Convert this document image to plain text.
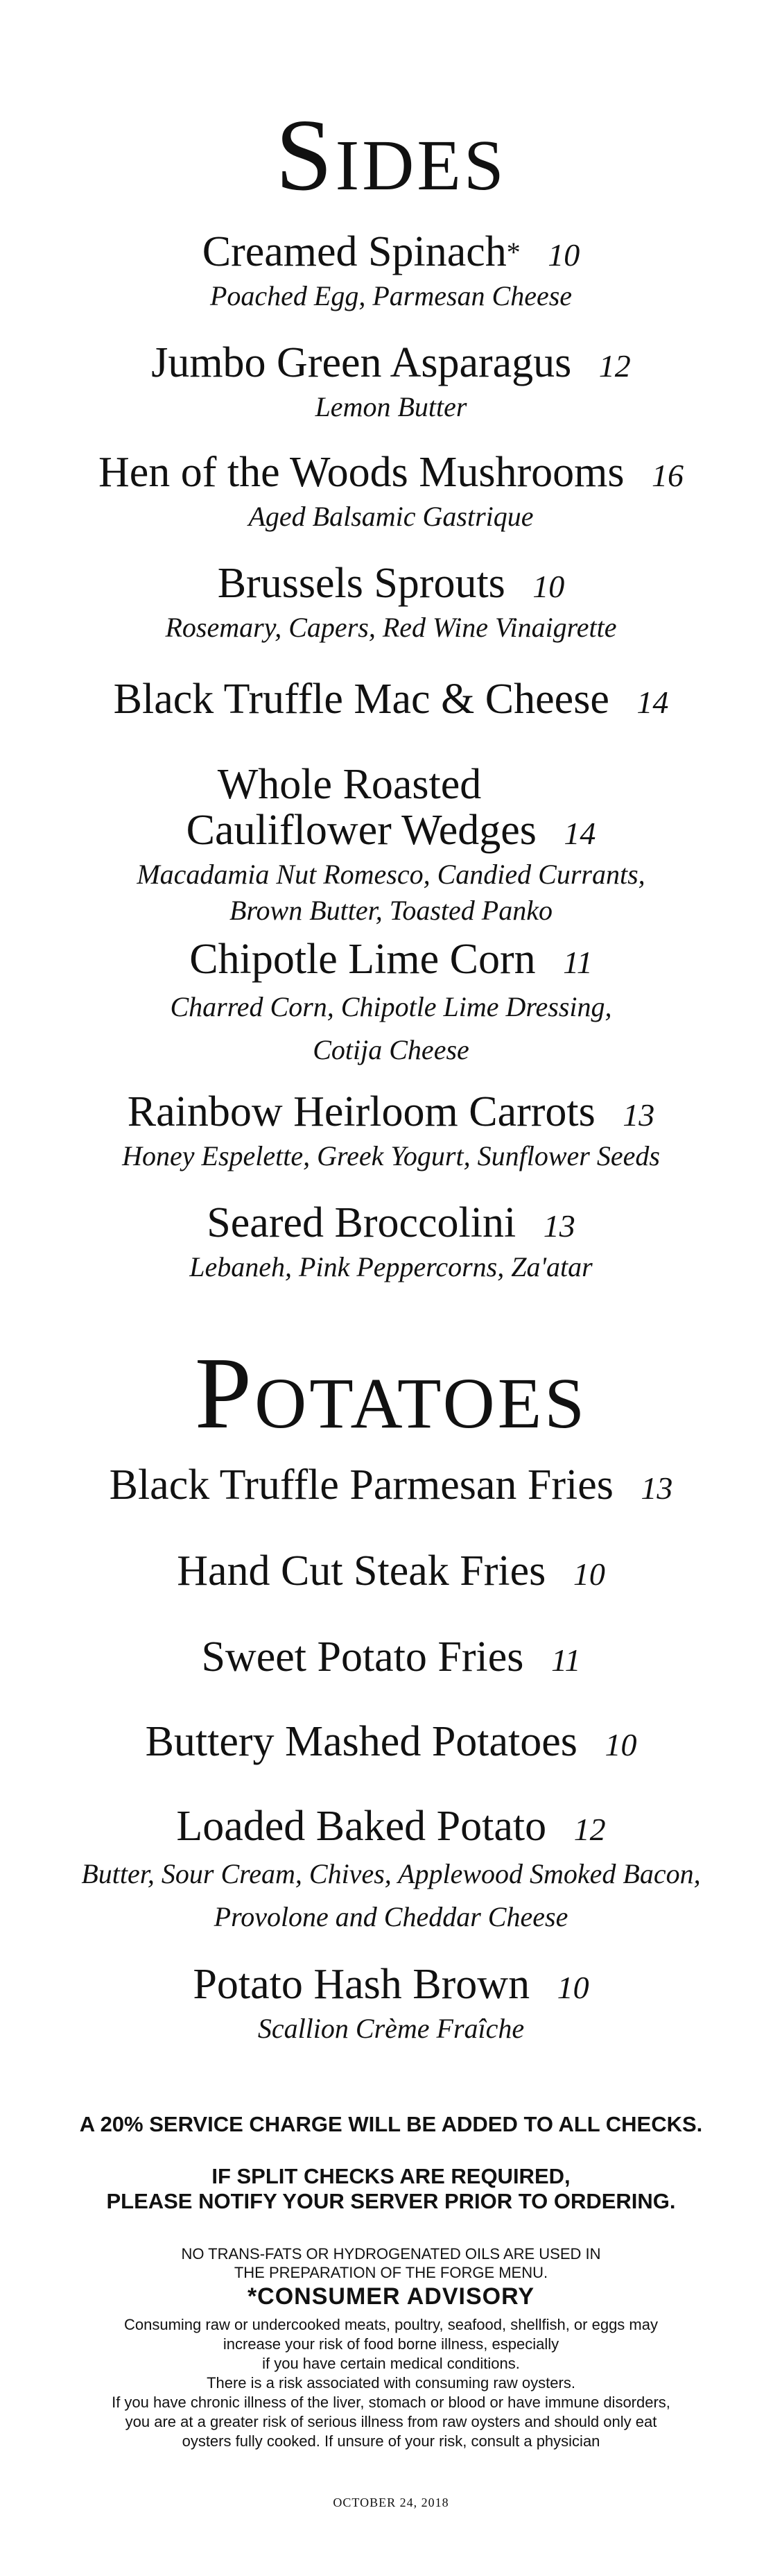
Sides
Creamed Spinach* 10
Poached Egg, Parmesan Cheese
Jumbo Green Asparagus 12
Lemon Butter
Hen of the Woods Mushrooms 16
Aged Balsamic Gastrique
Brussels Sprouts 10
Rosemary, Capers, Red Wine Vinaigrette
Black Truffle Mac & Cheese 14
Whole Roasted
Cauliflower Wedges 14
Macadamia Nut Romesco, Candied Currants,
Brown Butter, Toasted Panko
Chipotle Lime Corn 11
Charred Corn, Chipotle Lime Dressing,
Cotija Cheese
Rainbow Heirloom Carrots 13
Honey Espelette, Greek Yogurt, Sunflower Seeds
Seared Broccolini 13
Lebaneh, Pink Peppercorns, Za'atar
Potatoes
Black Truffle Parmesan Fries 13
Hand Cut Steak Fries 10
Sweet Potato Fries 11
Buttery Mashed Potatoes 10
Loaded Baked Potato 12
Butter, Sour Cream, Chives, Applewood Smoked Bacon,
Provolone and Cheddar Cheese
Potato Hash Brown 10
Scallion Crème Fraîche
A 20% SERVICE CHARGE WILL BE ADDED TO ALL CHECKS.
IF SPLIT CHECKS ARE REQUIRED,
PLEASE NOTIFY YOUR SERVER PRIOR TO ORDERING.
NO TRANS-FATS OR HYDROGENATED OILS ARE USED IN
THE PREPARATION OF THE FORGE MENU.
*CONSUMER ADVISORY
Consuming raw or undercooked meats, poultry, seafood, shellfish, or eggs may
increase your risk of food borne illness, especially
if you have certain medical conditions.
There is a risk associated with consuming raw oysters.
If you have chronic illness of the liver, stomach or blood or have immune disorders,
you are at a greater risk of serious illness from raw oysters and should only eat
oysters fully cooked. If unsure of your risk, consult a physician
OCTOBER 24, 2018
